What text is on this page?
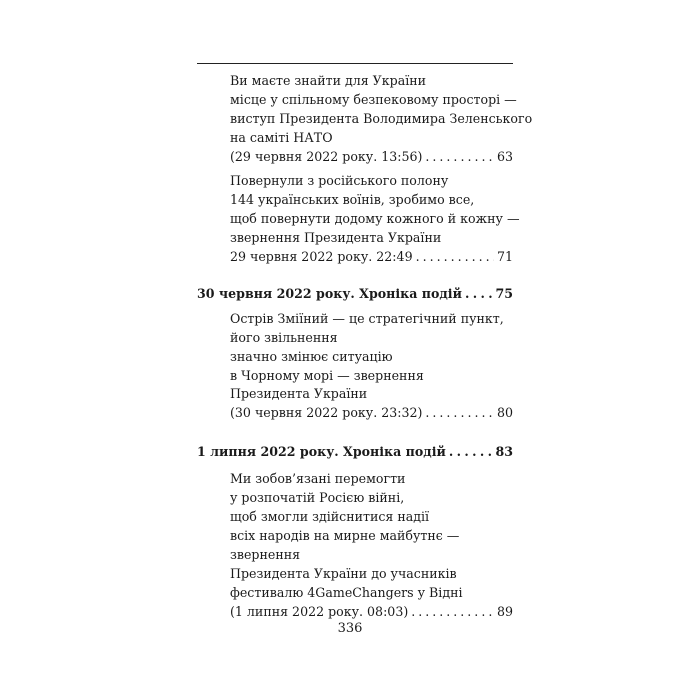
Ви маєте знайти для України
місце у спільному безпековому просторі —
виступ Президента Володимира Зеленського
на саміті НАТО
(29 червня 2022 року. 13:56) . . .	63
Повернули з російського полону
144 українських воїнів, зробимо все,
щоб повернути додому кожного й кожну —
звернення Президента України
29 червня 2022 року. 22:49 . . .	71
30 червня 2022 року. Хроніка подій . . .	75
Острів Зміїний — це стратегічний пункт,
його звільнення
значно змінює ситуацію
в Чорному морі — звернення
Президента України
(30 червня 2022 року. 23:32) . . .	80
1 липня 2022 року. Хроніка подій . . .	83
Ми зобов’язані перемогти
у розпочатій Росією війні,
щоб змогли здійснитися надії
всіх народів на мирне майбутнє —
звернення
Президента України до учасників
фестивалю 4GameChangers у Відні
(1 липня 2022 року. 08:03) . . .	89
336
